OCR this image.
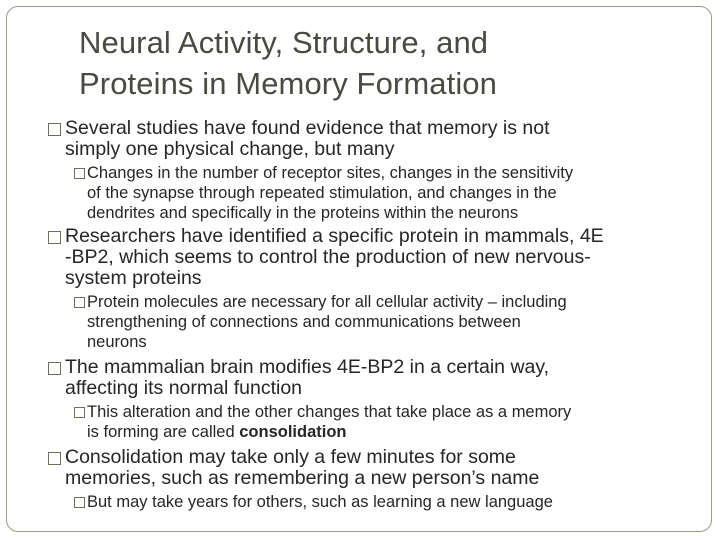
Neural Activity, Structure, and
Proteins in Memory Formation
Several studies have found evidence that memory is not
simply one physical change, but many
Changes in the number of receptor sites, changes in the sensitivity
of the synapse through repeated stimulation, and changes in the
dendrites and specifically in the proteins within the neurons
Researchers have identified a specific protein in mammals, 4E
-BP2, which seems to control the production of new nervous-
system proteins
Protein molecules are necessary for all cellular activity – including
strengthening of connections and communications between
neurons
The mammalian brain modifies 4E-BP2 in a certain way,
affecting its normal function
This alteration and the other changes that take place as a memory
is forming are called consolidation
Consolidation may take only a few minutes for some
memories, such as remembering a new person’s name
But may take years for others, such as learning a new language
